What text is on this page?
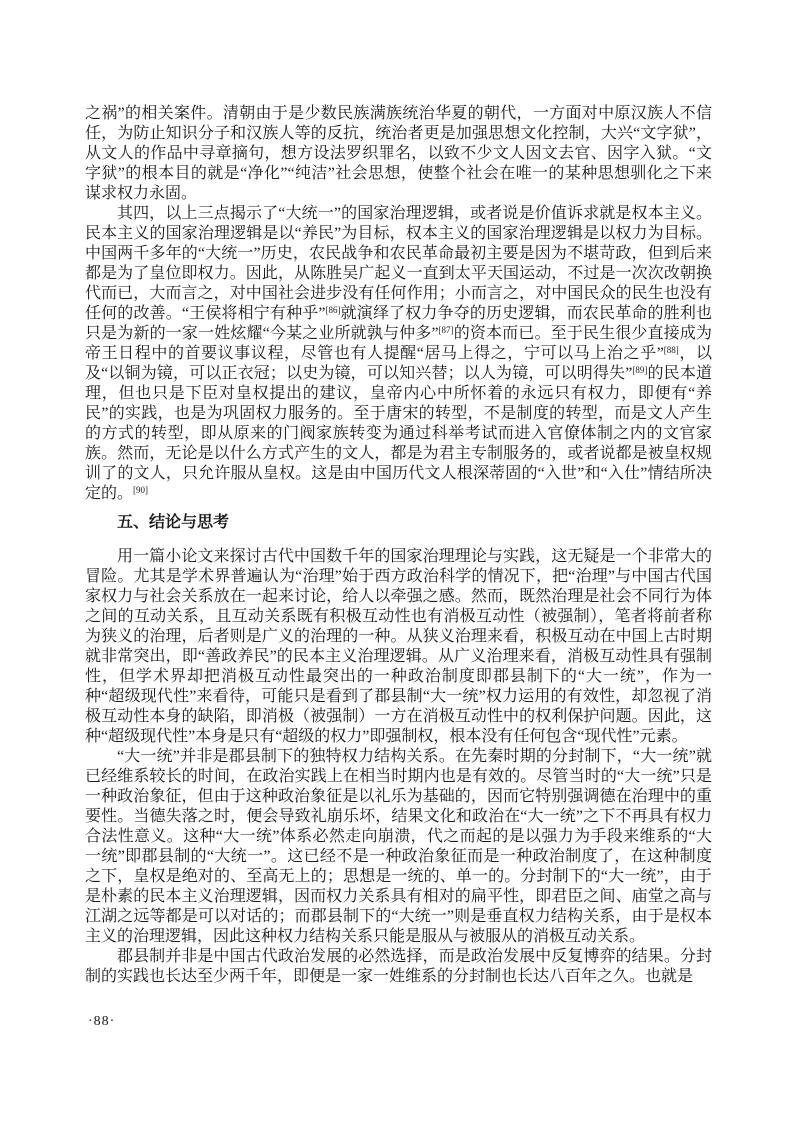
之祸”的相关案件。清朝由于是少数民族满族统治华夏的朝代，一方面对中原汉族人不信任，为防止知识分子和汉族人等的反抗，统治者更是加强思想文化控制，大兴“文字狱”，从文人的作品中寻章摘句，想方设法罗织罪名，以致不少文人因文去官、因字入狱。“文字狱”的根本目的就是“净化”“纯洁”社会思想，使整个社会在唯一的某种思想驯化之下来谋求权力永固。

其四，以上三点揭示了“大统一”的国家治理逻辑，或者说是价值诉求就是权本主义。民本主义的国家治理逻辑是以“养民”为目标，权本主义的国家治理逻辑是以权力为目标。中国两千多年的“大统一”历史，农民战争和农民革命最初主要是因为不堪苛政，但到后来都是为了皇位即权力。因此，从陈胜吴广起义一直到太平天国运动，不过是一次次改朝换代而已，大而言之，对中国社会进步没有任何作用；小而言之，对中国民众的民生也没有任何的改善。“王侯将相宁有种乎”[86]就演绎了权力争夺的历史逻辑，而农民革命的胜利也只是为新的一家一姓炫耀“今某之业所就孰与仲多”[87]的资本而已。至于民生很少直接成为帝王日程中的首要议事议程，尽管也有人提醒“居马上得之，宁可以马上治之乎”[88]，以及“以铜为镜，可以正衣冠；以史为镜，可以知兴替；以人为镜，可以明得失”[89]的民本道理，但也只是下臣对皇权提出的建议，皇帝内心中所怀着的永远只有权力，即便有“养民”的实践，也是为巩固权力服务的。至于唐宋的转型，不是制度的转型，而是文人产生的方式的转型，即从原来的门阀家族转变为通过科举考试而进入官僚体制之内的文官家族。然而，无论是以什么方式产生的文人，都是为君主专制服务的，或者说都是被皇权规训了的文人，只允许服从皇权。这是由中国历代文人根深蒂固的“入世”和“入仕”情结所决定的。[90]

五、结论与思考

用一篇小论文来探讨古代中国数千年的国家治理理论与实践，这无疑是一个非常大的冒险。尤其是学术界普遍认为“治理”始于西方政治科学的情况下，把“治理”与中国古代国家权力与社会关系放在一起来讨论，给人以牵强之感。然而，既然治理是社会不同行为体之间的互动关系，且互动关系既有积极互动性也有消极互动性（被强制），笔者将前者称为狭义的治理，后者则是广义的治理的一种。从狭义治理来看，积极互动在中国上古时期就非常突出，即“善政养民”的民本主义治理逻辑。从广义治理来看，消极互动性具有强制性，但学术界却把消极互动性最突出的一种政治制度即郡县制下的“大一统”，作为一种“超级现代性”来看待，可能只是看到了郡县制“大一统”权力运用的有效性，却忽视了消极互动性本身的缺陷，即消极（被强制）一方在消极互动性中的权利保护问题。因此，这种“超级现代性”本身是只有“超级的权力”即强制权，根本没有任何包含“现代性”元素。

“大一统”并非是郡县制下的独特权力结构关系。在先秦时期的分封制下，“大一统”就已经维系较长的时间，在政治实践上在相当时期内也是有效的。尽管当时的“大一统”只是一种政治象征，但由于这种政治象征是以礼乐为基础的，因而它特别强调德在治理中的重要性。当德失落之时，便会导致礼崩乐坏，结果文化和政治在“大一统”之下不再具有权力合法性意义。这种“大一统”体系必然走向崩溃，代之而起的是以强力为手段来维系的“大一统”即郡县制的“大统一”。这已经不是一种政治象征而是一种政治制度了，在这种制度之下，皇权是绝对的、至高无上的；思想是一统的、单一的。分封制下的“大一统”，由于是朴素的民本主义治理逻辑，因而权力关系具有相对的扁平性，即君臣之间、庙堂之高与江湖之远等都是可以对话的；而郡县制下的“大统一”则是垂直权力结构关系，由于是权本主义的治理逻辑，因此这种权力结构关系只能是服从与被服从的消极互动关系。

郡县制并非是中国古代政治发展的必然选择，而是政治发展中反复博弈的结果。分封制的实践也长达至少两千年，即便是一家一姓维系的分封制也长达八百年之久。也就是

·88·
